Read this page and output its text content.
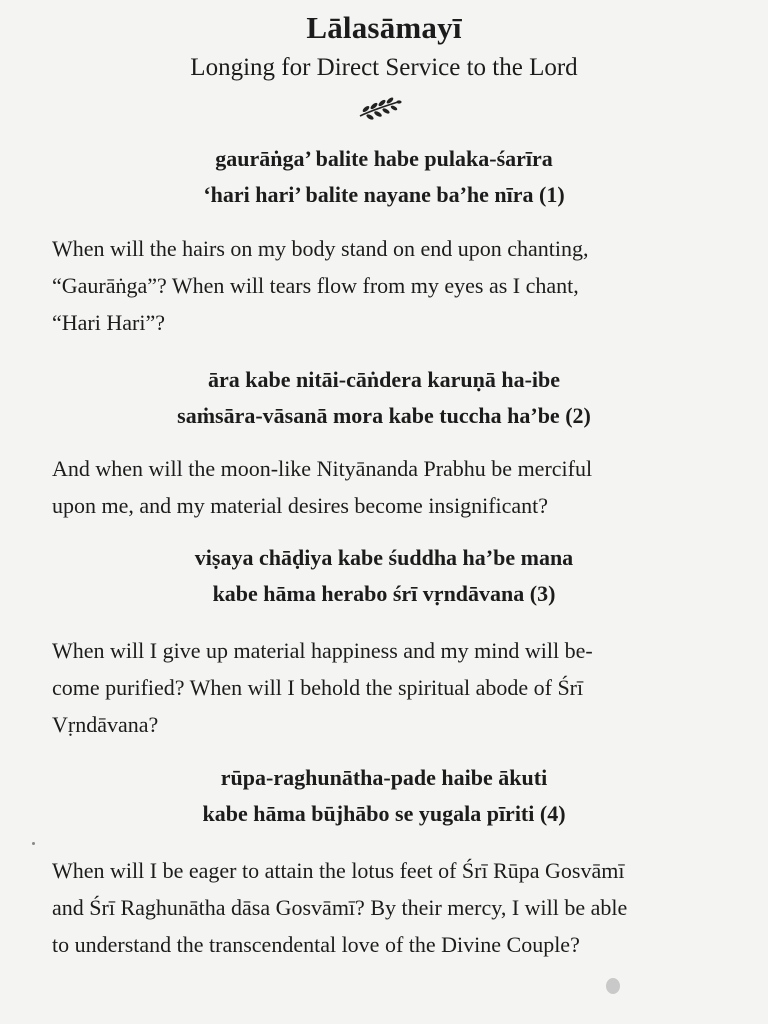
Lālasāmayī
Longing for Direct Service to the Lord
gaurāṅga’ balite habe pulaka-śarīra
‘hari hari’ balite nayane ba’he nīra (1)
When will the hairs on my body stand on end upon chanting,
“Gaurāṅga”? When will tears flow from my eyes as I chant,
“Hari Hari”?
āra kabe nitāi-cāṅdera karuṇā ha-ibe
saṁsāra-vāsanā mora kabe tuccha ha’be (2)
And when will the moon-like Nityānanda Prabhu be merciful
upon me, and my material desires become insignificant?
viṣaya chāḍiya kabe śuddha ha’be mana
kabe hāma herabo śrī vṛndāvana (3)
When will I give up material happiness and my mind will be-
come purified? When will I behold the spiritual abode of Śrī
Vṛndāvana?
rūpa-raghunātha-pade haibe ākuti
kabe hāma būjhābo se yugala pīriti (4)
When will I be eager to attain the lotus feet of Śrī Rūpa Gosvāmī
and Śrī Raghunātha dāsa Gosvāmī? By their mercy, I will be able
to understand the transcendental love of the Divine Couple?
